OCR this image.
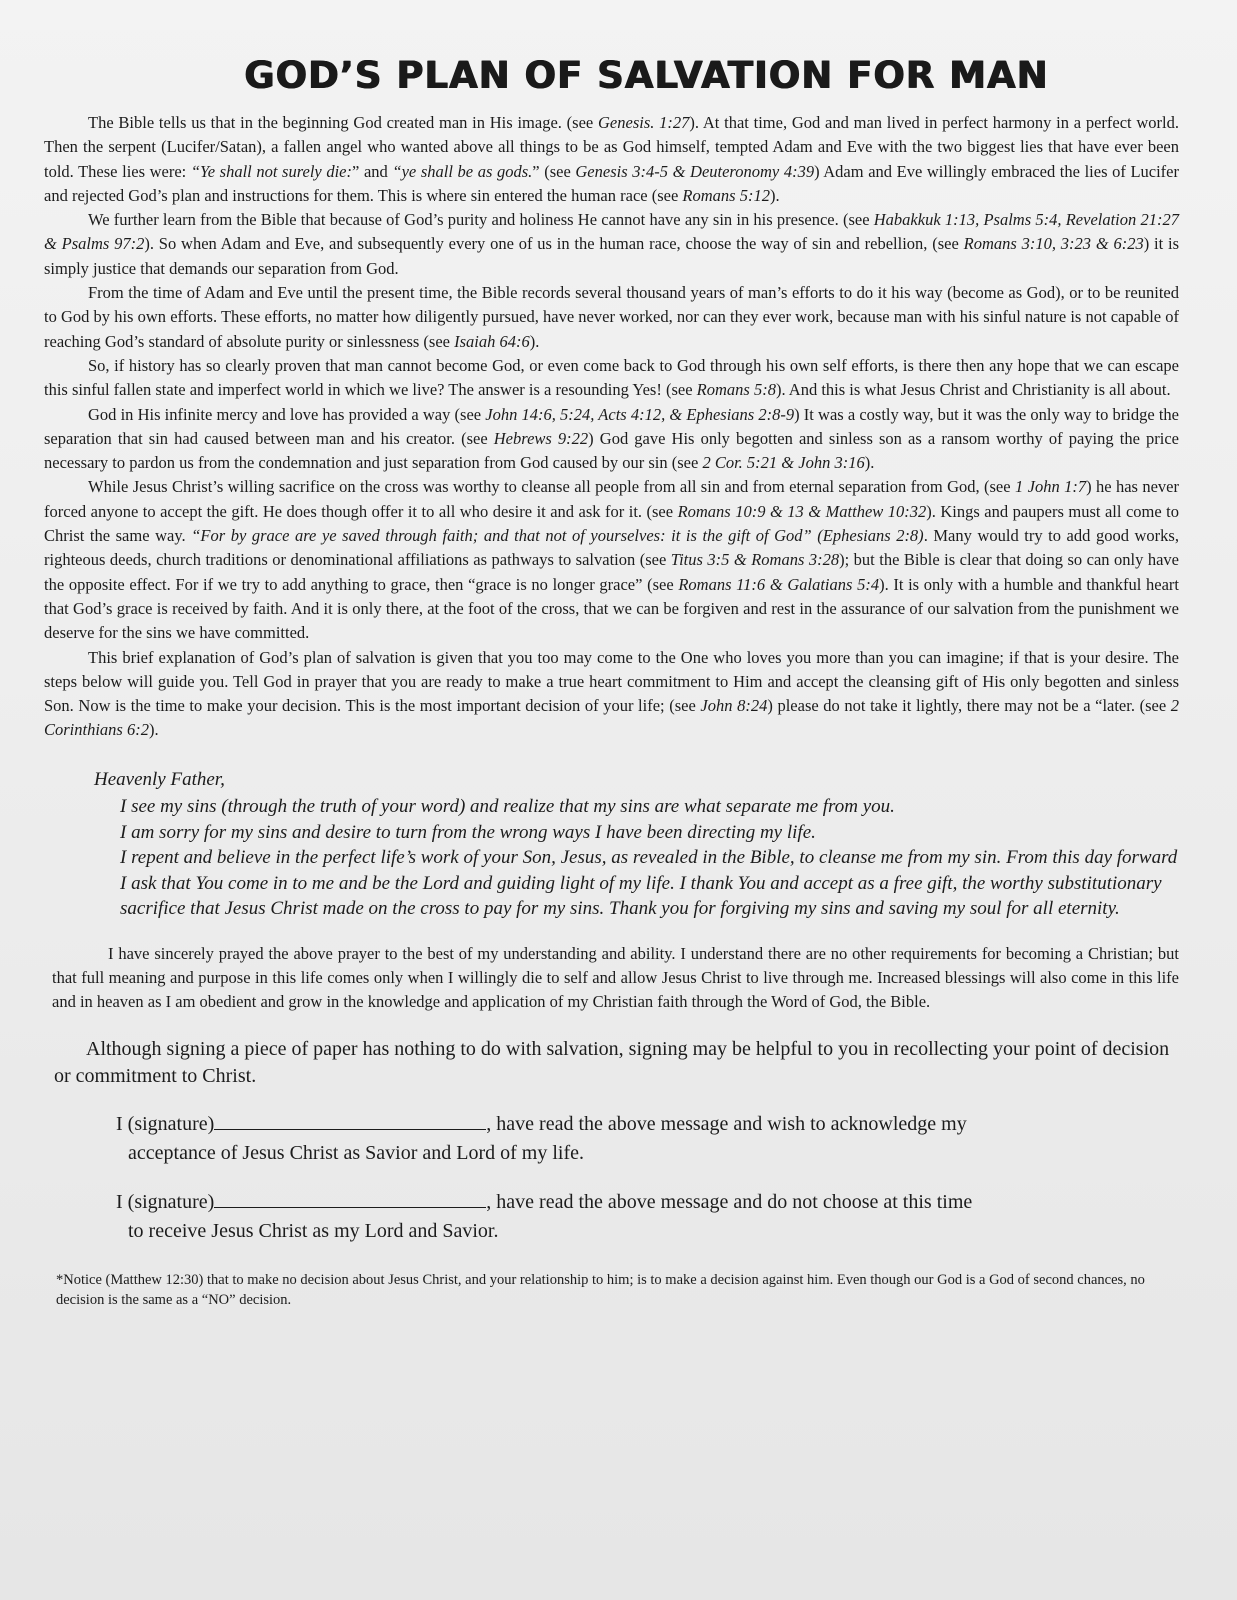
GOD’S PLAN OF SALVATION FOR MAN

The Bible tells us that in the beginning God created man in His image. (see Genesis. 1:27). At that time, God and man lived in perfect harmony in a perfect world. Then the serpent (Lucifer/Satan), a fallen angel who wanted above all things to be as God himself, tempted Adam and Eve with the two biggest lies that have ever been told. These lies were: “Ye shall not surely die:” and “ye shall be as gods.” (see Genesis 3:4-5 & Deuteronomy 4:39) Adam and Eve willingly embraced the lies of Lucifer and rejected God’s plan and instructions for them. This is where sin entered the human race (see Romans 5:12).

We further learn from the Bible that because of God’s purity and holiness He cannot have any sin in his presence. (see Habakkuk 1:13, Psalms 5:4, Revelation 21:27 & Psalms 97:2). So when Adam and Eve, and subsequently every one of us in the human race, choose the way of sin and rebellion, (see Romans 3:10, 3:23 & 6:23) it is simply justice that demands our separation from God.

From the time of Adam and Eve until the present time, the Bible records several thousand years of man’s efforts to do it his way (become as God), or to be reunited to God by his own efforts. These efforts, no matter how diligently pursued, have never worked, nor can they ever work, because man with his sinful nature is not capable of reaching God’s standard of absolute purity or sinlessness (see Isaiah 64:6).

So, if history has so clearly proven that man cannot become God, or even come back to God through his own self efforts, is there then any hope that we can escape this sinful fallen state and imperfect world in which we live? The answer is a resounding Yes! (see Romans 5:8). And this is what Jesus Christ and Christianity is all about.

God in His infinite mercy and love has provided a way (see John 14:6, 5:24, Acts 4:12, & Ephesians 2:8-9) It was a costly way, but it was the only way to bridge the separation that sin had caused between man and his creator. (see Hebrews 9:22) God gave His only begotten and sinless son as a ransom worthy of paying the price necessary to pardon us from the condemnation and just separation from God caused by our sin (see 2 Cor. 5:21 & John 3:16).

While Jesus Christ’s willing sacrifice on the cross was worthy to cleanse all people from all sin and from eternal separation from God, (see 1 John 1:7) he has never forced anyone to accept the gift. He does though offer it to all who desire it and ask for it. (see Romans 10:9 & 13 & Matthew 10:32). Kings and paupers must all come to Christ the same way. “For by grace are ye saved through faith; and that not of yourselves: it is the gift of God” (Ephesians 2:8). Many would try to add good works, righteous deeds, church traditions or denominational affiliations as pathways to salvation (see Titus 3:5 & Romans 3:28); but the Bible is clear that doing so can only have the opposite effect. For if we try to add anything to grace, then “grace is no longer grace” (see Romans 11:6 & Galatians 5:4). It is only with a humble and thankful heart that God’s grace is received by faith. And it is only there, at the foot of the cross, that we can be forgiven and rest in the assurance of our salvation from the punishment we deserve for the sins we have committed.

This brief explanation of God’s plan of salvation is given that you too may come to the One who loves you more than you can imagine; if that is your desire. The steps below will guide you. Tell God in prayer that you are ready to make a true heart commitment to Him and accept the cleansing gift of His only begotten and sinless Son. Now is the time to make your decision. This is the most important decision of your life; (see John 8:24) please do not take it lightly, there may not be a “later. (see 2 Corinthians 6:2).

Heavenly Father,
I see my sins (through the truth of your word) and realize that my sins are what separate me from you.
I am sorry for my sins and desire to turn from the wrong ways I have been directing my life.
I repent and believe in the perfect life’s work of your Son, Jesus, as revealed in the Bible, to cleanse me from my sin. From this day forward I ask that You come in to me and be the Lord and guiding light of my life. I thank You and accept as a free gift, the worthy substitutionary sacrifice that Jesus Christ made on the cross to pay for my sins. Thank you for forgiving my sins and saving my soul for all eternity.

I have sincerely prayed the above prayer to the best of my understanding and ability. I understand there are no other requirements for becoming a Christian; but that full meaning and purpose in this life comes only when I willingly die to self and allow Jesus Christ to live through me. Increased blessings will also come in this life and in heaven as I am obedient and grow in the knowledge and application of my Christian faith through the Word of God, the Bible.

Although signing a piece of paper has nothing to do with salvation, signing may be helpful to you in recollecting your point of decision or commitment to Christ.

I (signature)	, have read the above message and wish to acknowledge my
acceptance of Jesus Christ as Savior and Lord of my life.
I (signature)	, have read the above message and do not choose at this time
to receive Jesus Christ as my Lord and Savior.
*Notice (Matthew 12:30) that to make no decision about Jesus Christ, and your relationship to him; is to make a decision against him. Even though our God is a God of second chances, no decision is the same as a “NO” decision.
